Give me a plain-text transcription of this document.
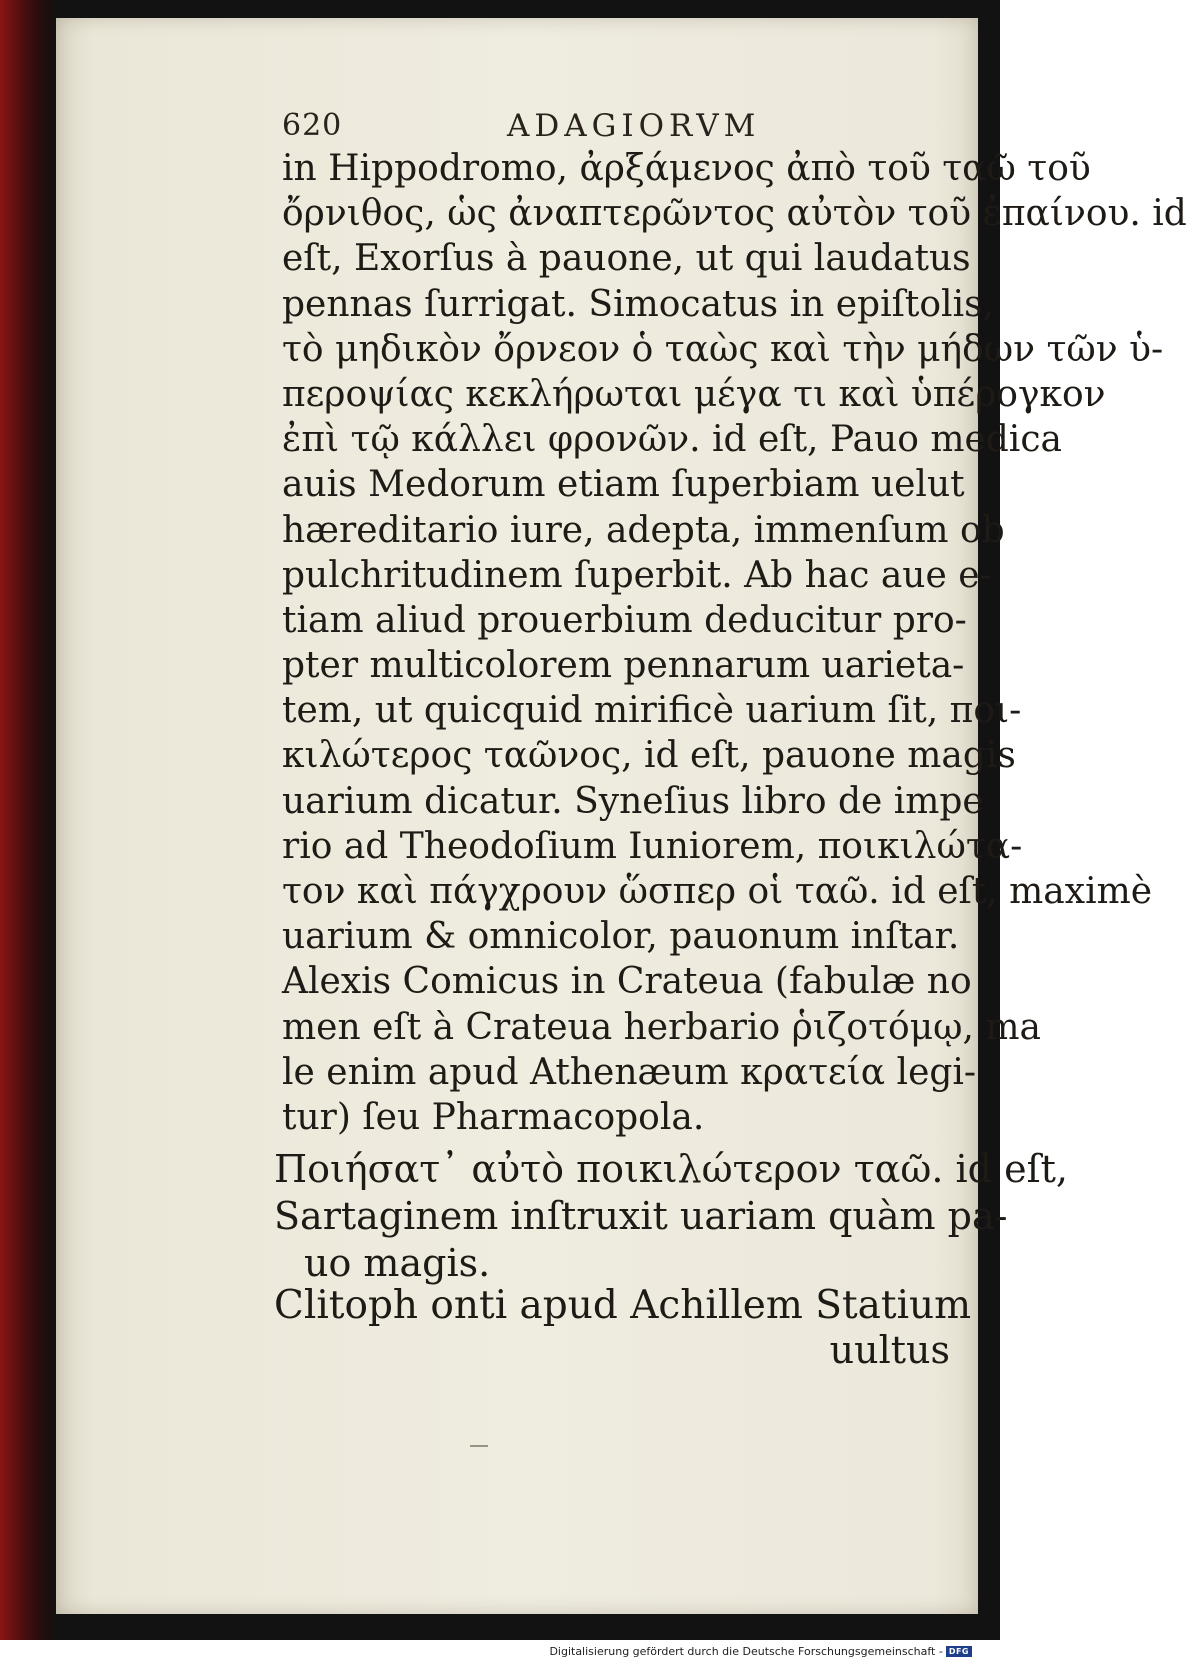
620	ADAGIORVM
in Hippodromo, ἀρξάμενος ἀπὸ τοῦ ταῶ τοῦ
ὄρνιθος, ὡς ἀναπτερῶντος αὐτὸν τοῦ ἐπαίνου. id
eſt, Exorſus à pauone, ut qui laudatus
pennas ſurrigat. Simocatus in epiſtolis,
τὸ μηδικὸν ὄρνεον ὁ ταὼς καὶ τὴν μήδων τῶν ὑ-
περοψίας κεκλήρωται μέγα τι καὶ ὑπέρογκον
ἐπὶ τῷ κάλλει φρονῶν. id eſt, Pauo medica
auis Medorum etiam ſuperbiam uelut
hæreditario iure, adepta, immenſum ob
pulchritudinem ſuperbit. Ab hac aue e-
tiam aliud prouerbium deducitur pro-
pter multicolorem pennarum uarieta-
tem, ut quicquid mirificè uarium ſit, ποι-
κιλώτερος ταῶνος, id eſt, pauone magis
uarium dicatur. Syneſius libro de impe
rio ad Theodoſium Iuniorem, ποικιλώτα-
τον καὶ πάγχρουν ὥσπερ οἱ ταῶ. id eſt, maximè
uarium & omnicolor, pauonum inſtar.
Alexis Comicus in Crateua (fabulæ no
men eſt à Crateua herbario ῥιζοτόμῳ, ma
le enim apud Athenæum κρατεία legi-
tur) ſeu Pharmacopola.
Ποιήσατ᾽ αὐτὸ ποικιλώτερον ταῶ. id eſt,
Sartaginem inſtruxit uariam quàm pa-
uo magis.
Clitoph onti apud Achillem Statium
uultus
Digitalisierung gefördert durch die Deutsche Forschungsgemeinschaft - DFG
